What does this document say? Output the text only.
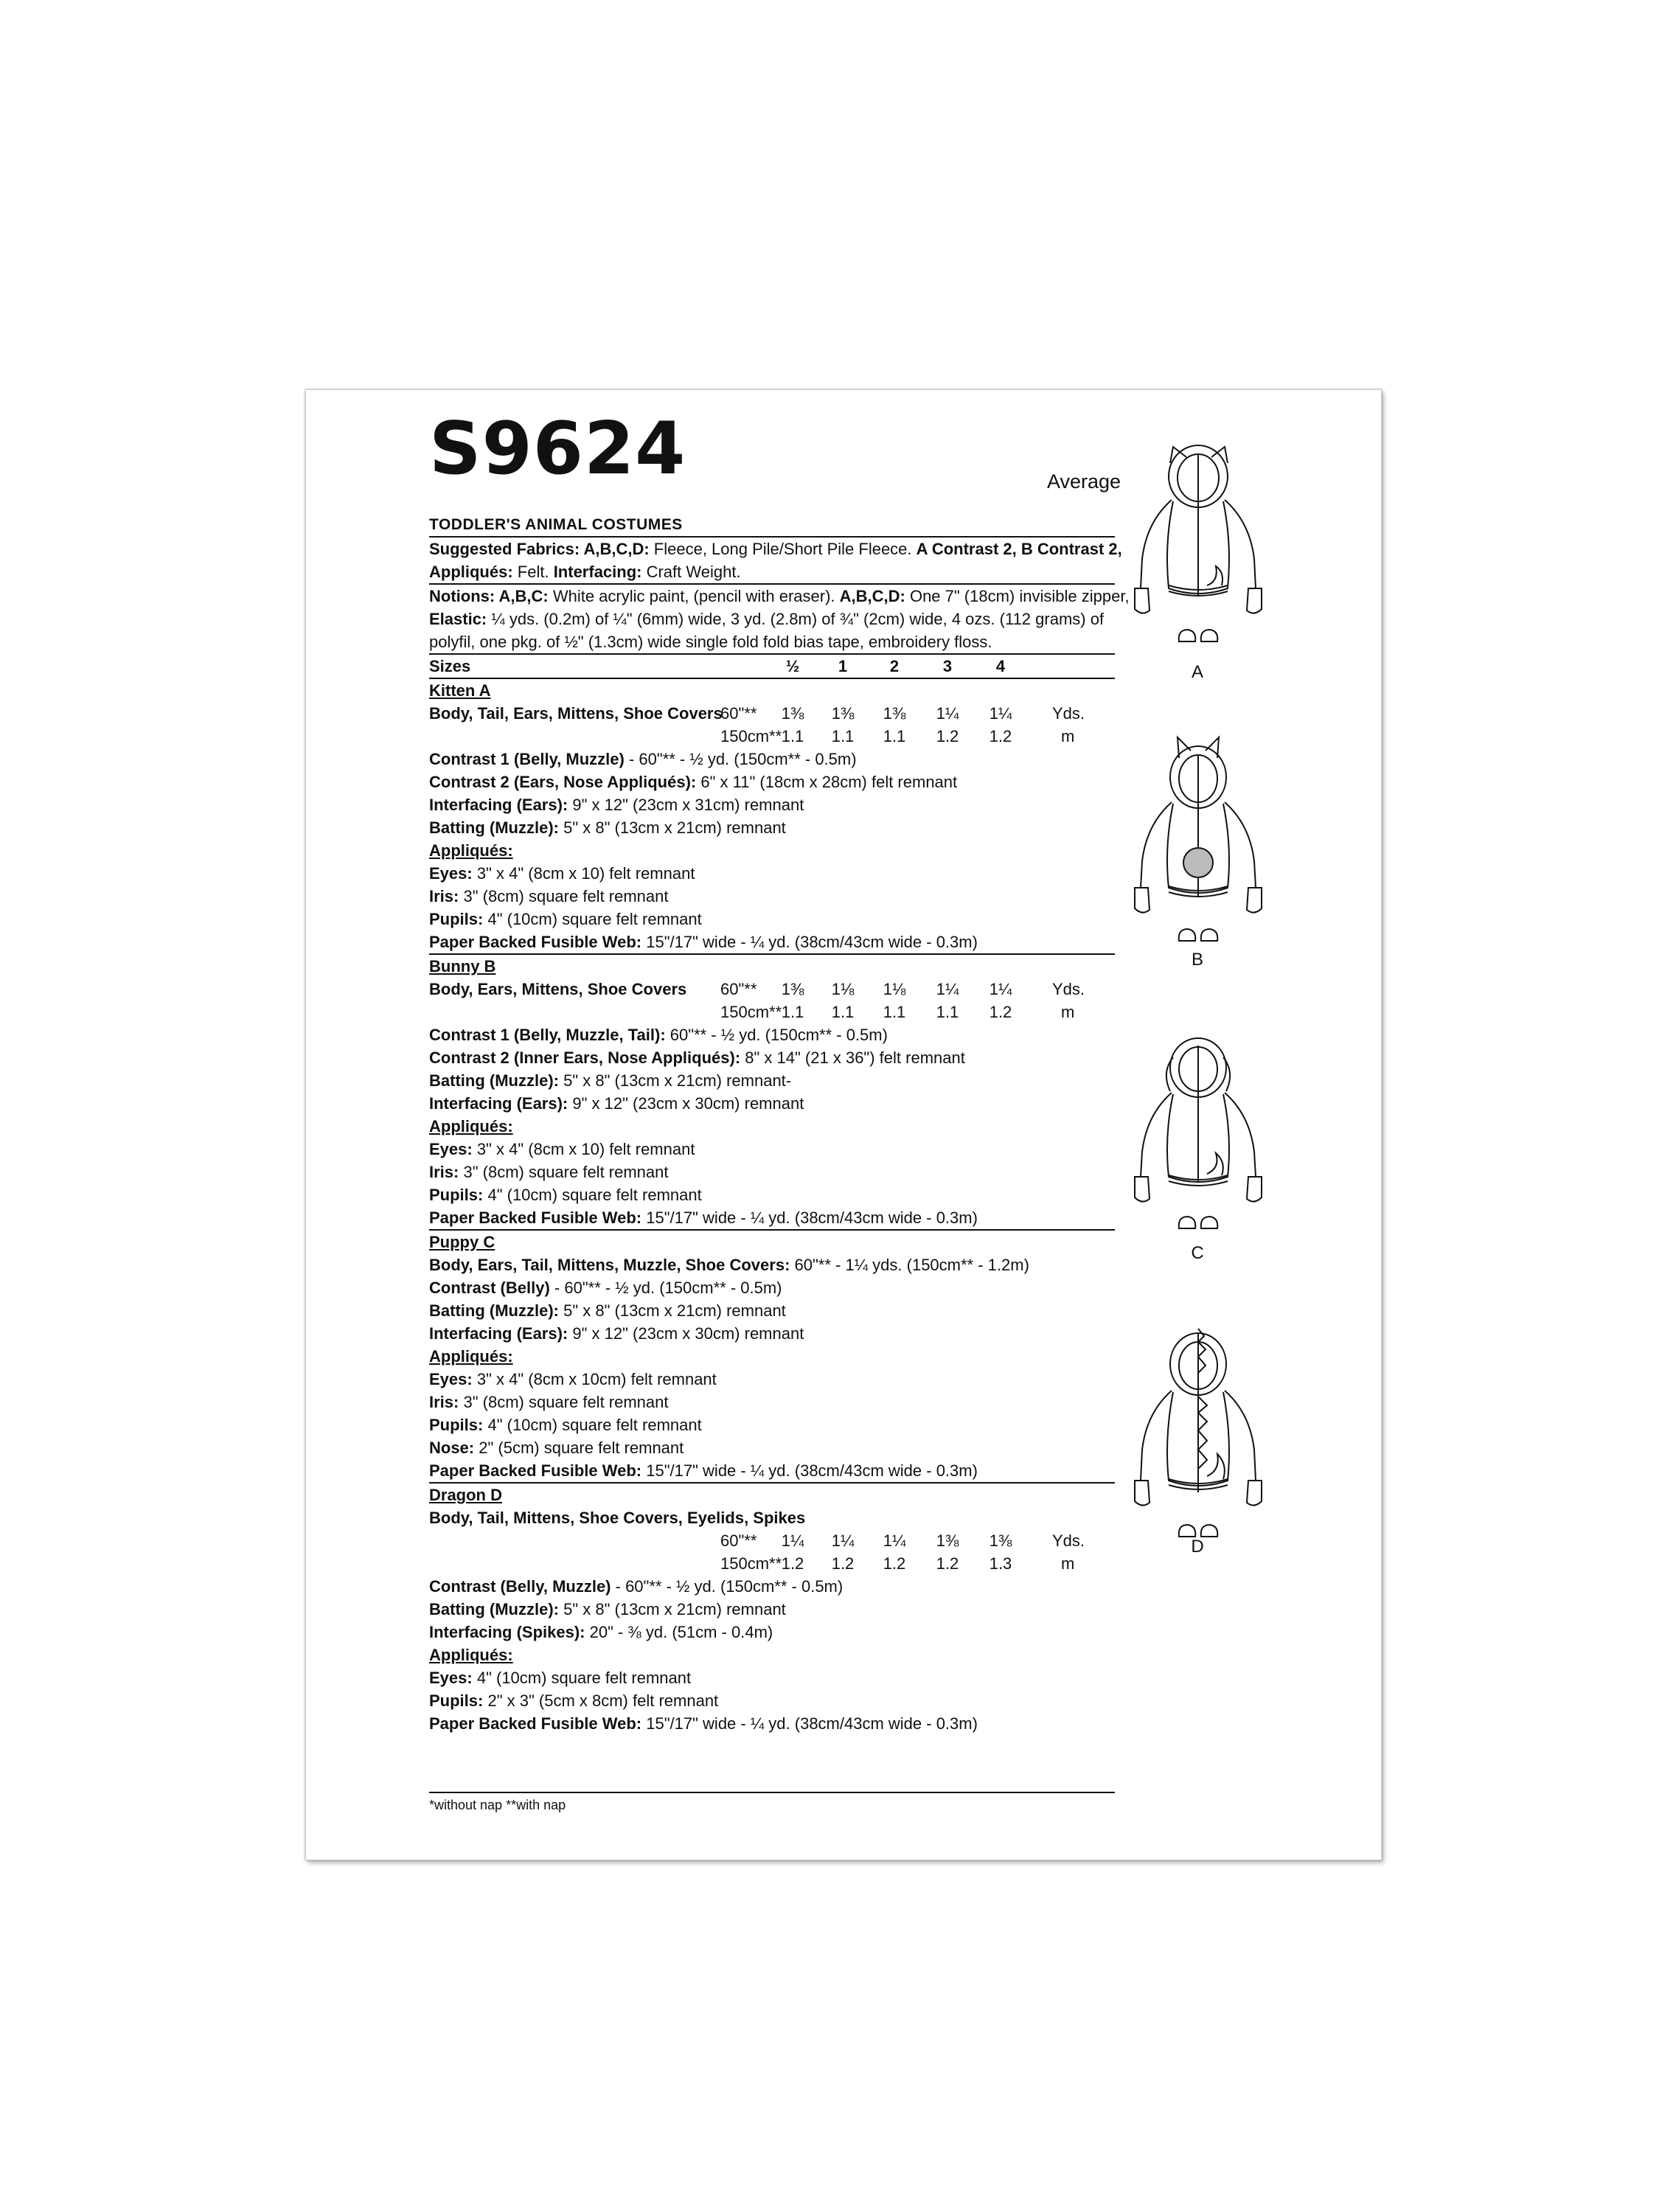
S9624	Average
TODDLER'S ANIMAL COSTUMES
Suggested Fabrics: A,B,C,D: Fleece, Long Pile/Short Pile Fleece. A Contrast 2, B Contrast 2,
Appliqués: Felt. Interfacing: Craft Weight.
Notions: A,B,C: White acrylic paint, (pencil with eraser). A,B,C,D: One 7" (18cm) invisible zipper,
Elastic: ¼ yds. (0.2m) of ¼" (6mm) wide, 3 yd. (2.8m) of ¾" (2cm) wide, 4 ozs. (112 grams) of
polyfil, one pkg. of ½" (1.3cm) wide single fold fold bias tape, embroidery floss.
Sizes	½	1	2	3	4
Kitten A
Body, Tail, Ears, Mittens, Shoe Covers
60"**	1⅜	1⅜	1⅜	1¼	1¼	Yds.
150cm** 1.1	1.1	1.1	1.2	1.2	m
Contrast 1 (Belly, Muzzle) - 60"** - ½ yd. (150cm** - 0.5m)
Contrast 2 (Ears, Nose Appliqués): 6" x 11" (18cm x 28cm) felt remnant
Interfacing (Ears): 9" x 12" (23cm x 31cm) remnant
Batting (Muzzle): 5" x 8" (13cm x 21cm) remnant
Appliqués:
Eyes: 3" x 4" (8cm x 10) felt remnant
Iris: 3" (8cm) square felt remnant
Pupils: 4" (10cm) square felt remnant
Paper Backed Fusible Web: 15"/17" wide - ¼ yd. (38cm/43cm wide - 0.3m)
Bunny B
Body, Ears, Mittens, Shoe Covers 60"**	1⅜	1⅛	1⅛	1¼	1¼	Yds.
150cm** 1.1	1.1	1.1	1.1	1.2	m
Contrast 1 (Belly, Muzzle, Tail): 60"** - ½ yd. (150cm** - 0.5m)
Contrast 2 (Inner Ears, Nose Appliqués): 8" x 14" (21 x 36") felt remnant
Batting (Muzzle): 5" x 8" (13cm x 21cm) remnant-
Interfacing (Ears): 9" x 12" (23cm x 30cm) remnant
Appliqués:
Eyes: 3" x 4" (8cm x 10) felt remnant
Iris: 3" (8cm) square felt remnant
Pupils: 4" (10cm) square felt remnant
Paper Backed Fusible Web: 15"/17" wide - ¼ yd. (38cm/43cm wide - 0.3m)
Puppy C
Body, Ears, Tail, Mittens, Muzzle, Shoe Covers: 60"** - 1¼ yds. (150cm** - 1.2m)
Contrast (Belly) - 60"** - ½ yd. (150cm** - 0.5m)
Batting (Muzzle): 5" x 8" (13cm x 21cm) remnant
Interfacing (Ears): 9" x 12" (23cm x 30cm) remnant
Appliqués:
Eyes: 3" x 4" (8cm x 10cm) felt remnant
Iris: 3" (8cm) square felt remnant
Pupils: 4" (10cm) square felt remnant
Nose: 2" (5cm) square felt remnant
Paper Backed Fusible Web: 15"/17" wide - ¼ yd. (38cm/43cm wide - 0.3m)
Dragon D
Body, Tail, Mittens, Shoe Covers, Eyelids, Spikes
60"**	1¼	1¼	1¼	1⅜	1⅜	Yds.
150cm** 1.2	1.2	1.2	1.2	1.3	m
Contrast (Belly, Muzzle) - 60"** - ½ yd. (150cm** - 0.5m)
Batting (Muzzle): 5" x 8" (13cm x 21cm) remnant
Interfacing (Spikes): 20" - ⅜ yd. (51cm - 0.4m)
Appliqués:
Eyes: 4" (10cm) square felt remnant
Pupils: 2" x 3" (5cm x 8cm) felt remnant
Paper Backed Fusible Web: 15"/17" wide - ¼ yd. (38cm/43cm wide - 0.3m)
*without nap **with nap
A
B
C
D
